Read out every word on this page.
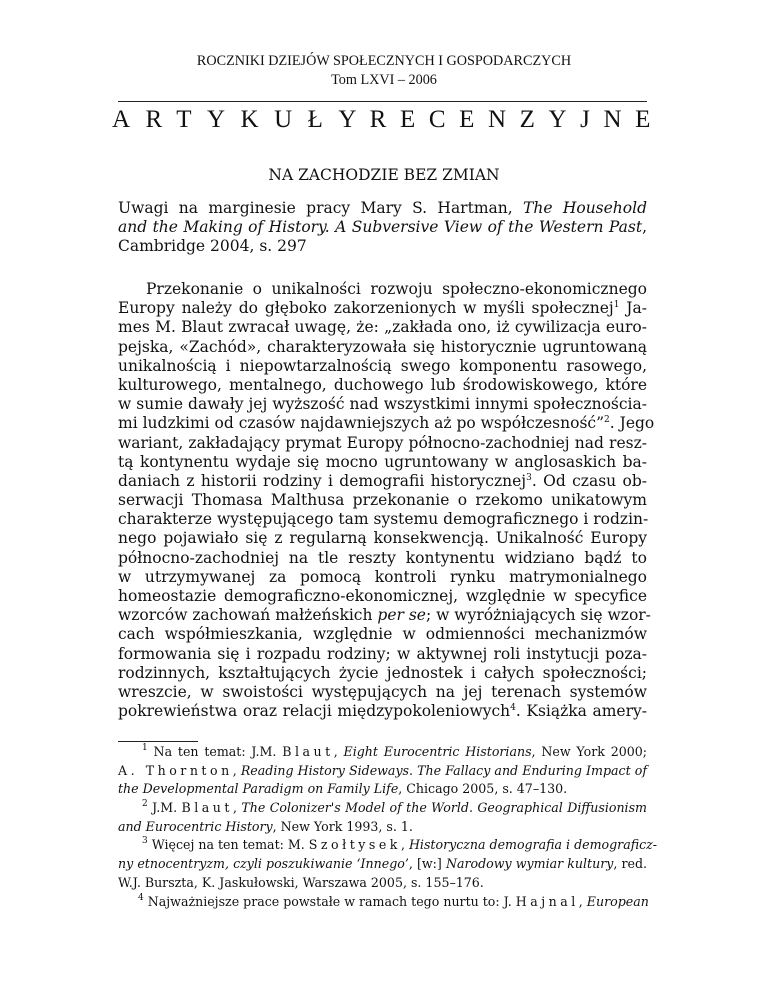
ROCZNIKI DZIEJÓW SPOŁECZNYCH I GOSPODARCZYCH
Tom LXVI – 2006
ARTYKUŁY
RECENZYJNE
NA ZACHODZIE BEZ ZMIAN
Uwagi na marginesie pracy Mary S. Hartman, The Household
and the Making of History. A Subversive View of the Western Past,
Cambridge 2004, s. 297
Przekonanie o unikalności rozwoju społeczno-ekonomicznego
Europy należy do głęboko zakorzenionych w myśli społecznej$^1$ Ja-
mes M. Blaut zwracał uwagę, że: „zakłada ono, iż cywilizacja euro-
pejska, «Zachód», charakteryzowała się historycznie ugruntowaną
unikalnością i niepowtarzalnością swego komponentu rasowego,
kulturowego, mentalnego, duchowego lub środowiskowego, które
w sumie dawały jej wyższość nad wszystkimi innymi społecznościa-
mi ludzkimi od czasów najdawniejszych aż po współczesność”$^2$. Jego
wariant, zakładający prymat Europy północno-zachodniej nad resz-
tą kontynentu wydaje się mocno ugruntowany w anglosaskich ba-
daniach z historii rodziny i demografii historycznej$^3$. Od czasu ob-
serwacji Thomasa Malthusa przekonanie o rzekomo unikatowym
charakterze występującego tam systemu demograficznego i rodzin-
nego pojawiało się z regularną konsekwencją. Unikalność Europy
północno-zachodniej na tle reszty kontynentu widziano bądź to
w utrzymywanej za pomocą kontroli rynku matrymonialnego
homeostazie demograficzno-ekonomicznej, względnie w specyfice
wzorców zachowań małżeńskich per se; w wyróżniających się wzor-
cach współmieszkania, względnie w odmienności mechanizmów
formowania się i rozpadu rodziny; w aktywnej roli instytucji poza-
rodzinnych, kształtujących życie jednostek i całych społeczności;
wreszcie, w swoistości występujących na jej terenach systemów
pokrewieństwa oraz relacji międzypokoleniowych$^4$. Książka amery-
$^1$ Na ten temat: J.M. Blaut, Eight Eurocentric Historians, New York 2000;
A. Thornton, Reading History Sideways. The Fallacy and Enduring Impact of
the Developmental Paradigm on Family Life, Chicago 2005, s. 47–130.
$^2$ J.M. Blaut, The Colonizer's Model of the World. Geographical Diffusionism
and Eurocentric History, New York 1993, s. 1.
$^3$ Więcej na ten temat: M. Szołtysek, Historyczna demografia i demograficz-
ny etnocentryzm, czyli poszukiwanie ‘Innego’, [w:] Narodowy wymiar kultury, red.
W.J. Burszta, K. Jaskułowski, Warszawa 2005, s. 155–176.
$^4$ Najważniejsze prace powstałe w ramach tego nurtu to: J. Hajnal, European
